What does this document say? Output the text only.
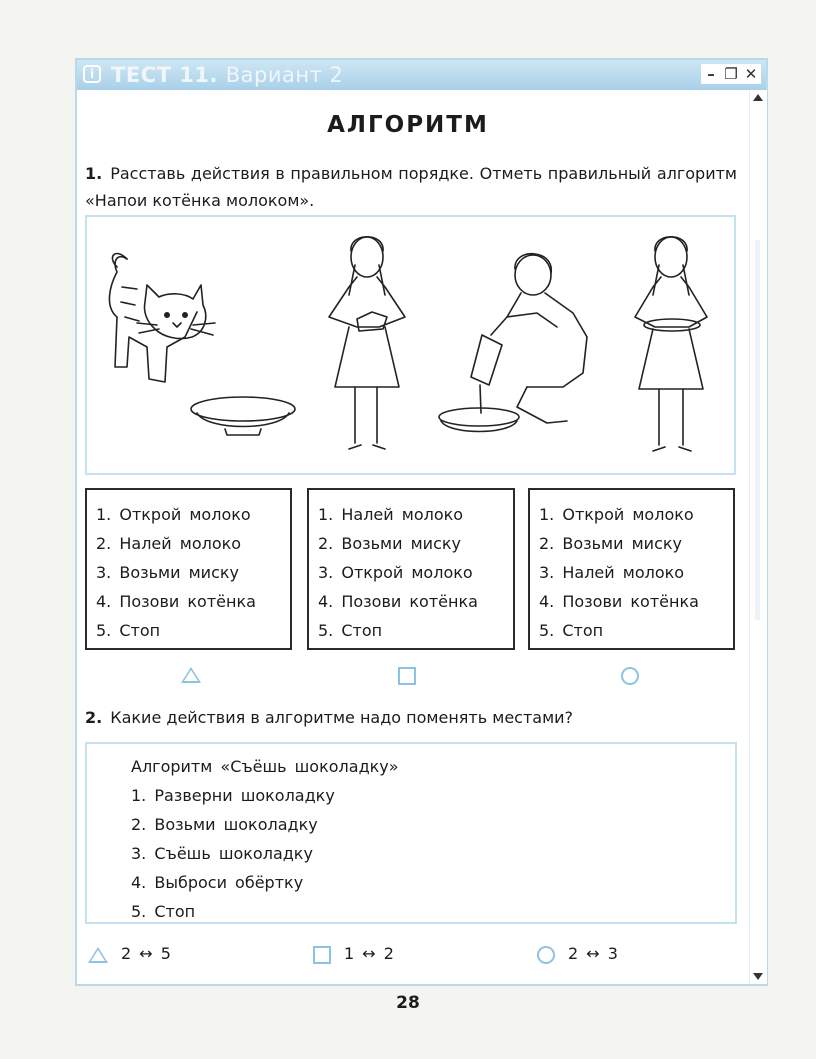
i ТЕСТ 11. Вариант 2	– ❐ ✕
АЛГОРИТМ
1. Расставь действия в правильном порядке. Отметь правильный алгоритм «Напои котёнка молоком».
1. Открой молоко
2. Налей молоко
3. Возьми миску
4. Позови котёнка
5. Стоп
1. Налей молоко
2. Возьми миску
3. Открой молоко
4. Позови котёнка
5. Стоп
1. Открой молоко
2. Возьми миску
3. Налей молоко
4. Позови котёнка
5. Стоп
2. Какие действия в алгоритме надо поменять местами?
Алгоритм «Съёшь шоколадку»
1. Разверни шоколадку
2. Возьми шоколадку
3. Съёшь шоколадку
4. Выброси обёртку
5. Стоп
2 ↔ 5	1 ↔ 2	2 ↔ 3
28
